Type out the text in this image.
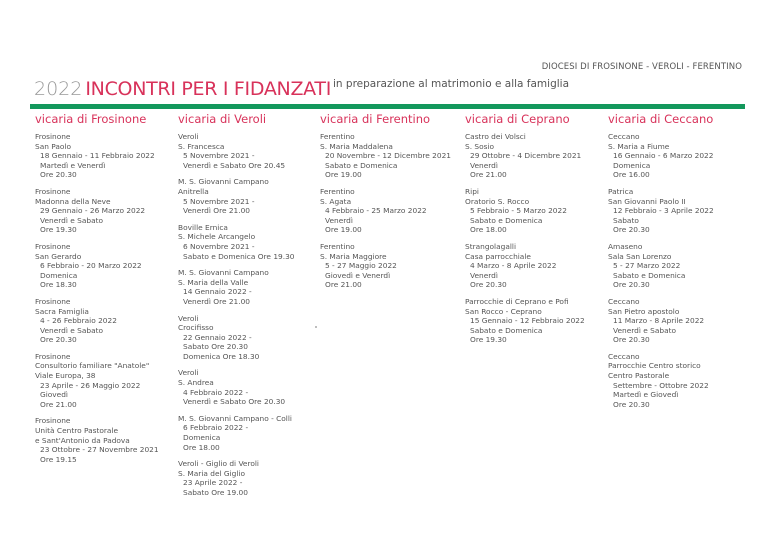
DIOCESI DI FROSINONE - VEROLI - FERENTINO
2022 INCONTRI PER I FIDANZATI $^{in preparazione al matrimonio e alla famiglia}$
vicaria di Frosinone
Frosinone
San Paolo
18 Gennaio - 11 Febbraio 2022
Martedì e Venerdì
Ore 20.30
Frosinone
Madonna della Neve
29 Gennaio - 26 Marzo 2022
Venerdì e Sabato
Ore 19.30
Frosinone
San Gerardo
6 Febbraio - 20 Marzo 2022
Domenica
Ore 18.30
Frosinone
Sacra Famiglia
4 - 26 Febbraio 2022
Venerdì e Sabato
Ore 20.30
Frosinone
Consultorio familiare "Anatole"
Viale Europa, 38
23 Aprile - 26 Maggio 2022
Giovedì
Ore 21.00
Frosinone
Unità Centro Pastorale
e Sant'Antonio da Padova
23 Ottobre - 27 Novembre 2021
Ore 19.15
vicaria di Veroli
Veroli
S. Francesca
5 Novembre 2021 -
Venerdì e Sabato Ore 20.45
M. S. Giovanni Campano
Anitrella
5 Novembre 2021 -
Venerdì Ore 21.00
Boville Ernica
S. Michele Arcangelo
6 Novembre 2021 -
Sabato e Domenica Ore 19.30
M. S. Giovanni Campano
S. Maria della Valle
14 Gennaio 2022 -
Venerdì Ore 21.00
Veroli
Crocifisso
22 Gennaio 2022 -
Sabato Ore 20.30
Domenica Ore 18.30
Veroli
S. Andrea
4 Febbraio 2022 -
Venerdì e Sabato Ore 20.30
M. S. Giovanni Campano - Colli
6 Febbraio 2022 -
Domenica
Ore 18.00
Veroli - Giglio di Veroli
S. Maria del Giglio
23 Aprile 2022 -
Sabato Ore 19.00
vicaria di Ferentino
Ferentino
S. Maria Maddalena
20 Novembre - 12 Dicembre 2021
Sabato e Domenica
Ore 19.00
Ferentino
S. Agata
4 Febbraio - 25 Marzo 2022
Venerdì
Ore 19.00
Ferentino
S. Maria Maggiore
5 - 27 Maggio 2022
Giovedì e Venerdì
Ore 21.00
vicaria di Ceprano
Castro dei Volsci
S. Sosio
29 Ottobre - 4 Dicembre 2021
Venerdì
Ore 21.00
Ripi
Oratorio S. Rocco
5 Febbraio - 5 Marzo 2022
Sabato e Domenica
Ore 18.00
Strangolagalli
Casa parrocchiale
4 Marzo - 8 Aprile 2022
Venerdì
Ore 20.30
Parrocchie di Ceprano e Pofi
San Rocco - Ceprano
15 Gennaio - 12 Febbraio 2022
Sabato e Domenica
Ore 19.30
vicaria di Ceccano
Ceccano
S. Maria a Fiume
16 Gennaio - 6 Marzo 2022
Domenica
Ore 16.00
Patrica
San Giovanni Paolo II
12 Febbraio - 3 Aprile 2022
Sabato
Ore 20.30
Amaseno
Sala San Lorenzo
5 - 27 Marzo 2022
Sabato e Domenica
Ore 20.30
Ceccano
San Pietro apostolo
11 Marzo - 8 Aprile 2022
Venerdì e Sabato
Ore 20.30
Ceccano
Parrocchie Centro storico
Centro Pastorale
Settembre - Ottobre 2022
Martedì e Giovedì
Ore 20.30
